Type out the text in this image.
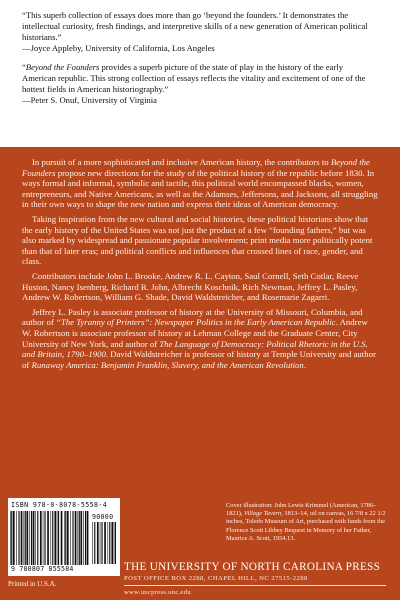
“This superb collection of essays does more than go ‘beyond the founders.’ It demonstrates the intellectual curiosity, fresh findings, and interpretive skills of a new generation of American political historians.”
—Joyce Appleby, University of California, Los Angeles

“Beyond the Founders provides a superb picture of the state of play in the history of the early American republic. This strong collection of essays reflects the vitality and excitement of one of the hottest fields in American historiography.”
—Peter S. Onuf, University of Virginia

In pursuit of a more sophisticated and inclusive American history, the contributors to Beyond the Founders propose new directions for the study of the political history of the republic before 1830. In ways formal and informal, symbolic and tactile, this political world encompassed blacks, women, entrepreneurs, and Native Americans, as well as the Adamses, Jeffersons, and Jacksons, all struggling in their own ways to shape the new nation and express their ideas of American democracy.

Taking inspiration from the new cultural and social histories, these political historians show that the early history of the United States was not just the product of a few “founding fathers,” but was also marked by widespread and passionate popular involvement; print media more politically potent than that of later eras; and political conflicts and influences that crossed lines of race, gender, and class.

Contributors include John L. Brooke, Andrew R. L. Cayton, Saul Cornell, Seth Cotlar, Reeve Huston, Nancy Isenberg, Richard R. John, Albrecht Koschnik, Rich Newman, Jeffrey L. Pasley, Andrew W. Robertson, William G. Shade, David Waldstreicher, and Rosemarie Zagarri.

Jeffrey L. Pasley is associate professor of history at the University of Missouri, Columbia, and author of “The Tyranny of Printers”: Newspaper Politics in the Early American Republic. Andrew W. Robertson is associate professor of history at Lehman College and the Graduate Center, City University of New York, and author of The Language of Democracy: Political Rhetoric in the U.S. and Britain, 1790–1900. David Waldstreicher is professor of history at Temple University and author of Runaway America: Benjamin Franklin, Slavery, and the American Revolution.

THE UNIVERSITY OF NORTH CAROLINA PRESS
POST OFFICE BOX 2288, CHAPEL HILL, NC 27515-2288
www.uncpress.unc.edu
ISBN 978-0-8078-5558-4
90000
9 780807 855584
Printed in U.S.A.
Cover illustration: John Lewis Krimmel (American, 1786–1821), Village Tavern, 1813–14, oil on canvas, 16 7/8 x 22 1/2 inches, Toledo Museum of Art, purchased with funds from the Florence Scott Libbey Bequest in Memory of her Father, Maurice A. Scott, 1954.13.
